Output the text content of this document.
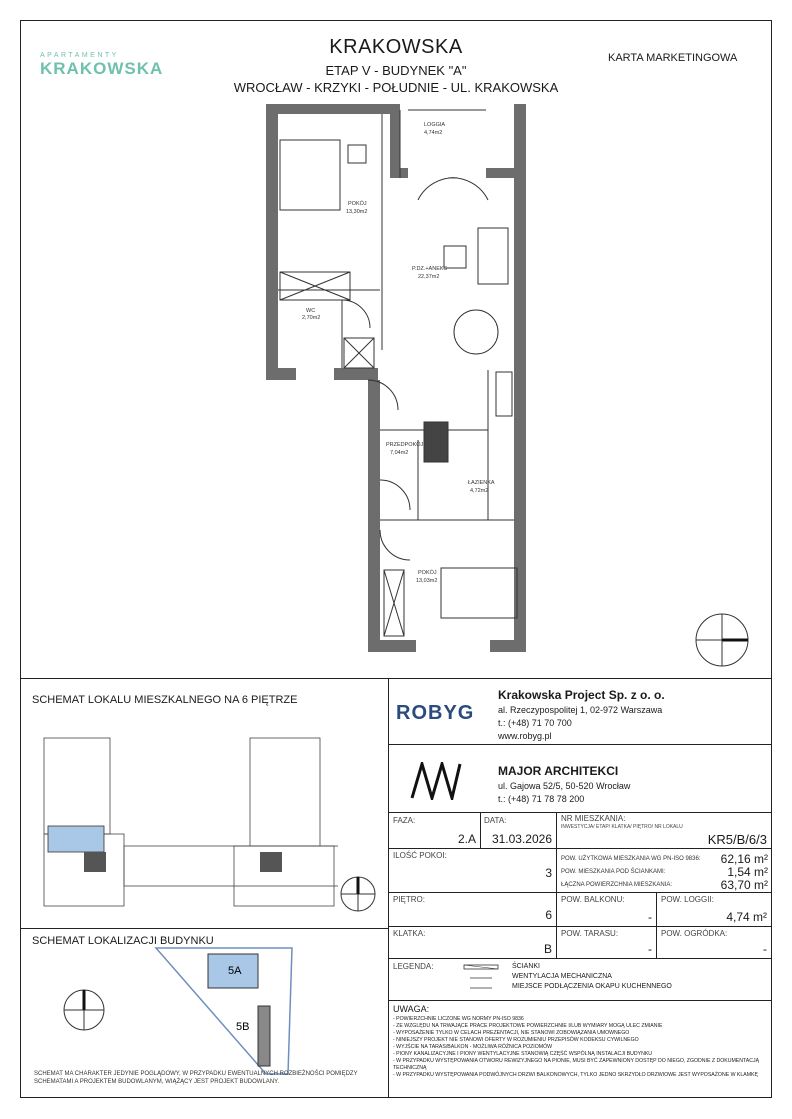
APARTAMENTY
KRAKOWSKA
KRAKOWSKA
ETAP V - BUDYNEK "A"
WROCŁAW - KRZYKI - POŁUDNIE - UL. KRAKOWSKA
KARTA MARKETINGOWA
LOGGIA
4,74m2
POKÓJ
13,30m2
P.DZ.+ANEKS
22,37m2
WC
2,70m2
PRZEDPOKÓJ
7,04m2
ŁAZIENKA
4,72m2
POKÓJ
13,03m2
SCHEMAT LOKALU MIESZKALNEGO NA 6 PIĘTRZE
SCHEMAT LOKALIZACJI BUDYNKU
5A
5B
SCHEMAT MA CHARAKTER JEDYNIE POGLĄDOWY, W PRZYPADKU EWENTUALNYCH ROZBIEŻNOŚCI POMIĘDZY SCHEMATAMI A PROJEKTEM BUDOWLANYM, WIĄŻĄCY JEST PROJEKT BUDOWLANY.
ROBYG
Krakowska Project Sp. z o. o.
al. Rzeczypospolitej 1, 02-972 Warszawa
t.: (+48) 71 70 700
www.robyg.pl
MAJOR ARCHITEKCI
ul. Gajowa 52/5, 50-520 Wrocław
t.: (+48) 71 78 78 200
FAZA:
2.A
DATA:
31.03.2026
NR MIESZKANIA:
INWESTYCJA/ ETAP/ KLATKA/ PIĘTRO/ NR LOKALU
KR5/B/6/3
ILOŚĆ POKOI:
3
POW. UŻYTKOWA MIESZKANIA WG PN-ISO 9836:	62,16 m²
POW. MIESZKANIA POD ŚCIANKAMI:	1,54 m²
ŁĄCZNA POWIERZCHNIA MIESZKANIA:	63,70 m²
PIĘTRO:
6
POW. BALKONU:
-
POW. LOGGII:
4,74 m²
KLATKA:
B
POW. TARASU:
-
POW. OGRÓDKA:
-
LEGENDA:	ŚCIANKI
WENTYLACJA MECHANICZNA
MIEJSCE PODŁĄCZENIA OKAPU KUCHENNEGO
UWAGA:
- POWIERZCHNIE LICZONE WG NORMY PN-ISO 9836
- ZE WZGLĘDU NA TRWAJĄCE PRACE PROJEKTOWE POWIERZCHNIE I/LUB WYMIARY MOGĄ ULEC ZMIANIE
- WYPOSAŻENIE TYLKO W CELACH PREZENTACJI, NIE STANOWI ZOBOWIĄZANIA UMOWNEGO
- NINIEJSZY PROJEKT NIE STANOWI OFERTY W ROZUMIENIU PRZEPISÓW KODEKSU CYWILNEGO
- WYJŚCIE NA TARAS/BALKON - MOŻLIWA RÓŻNICA POZIOMÓW
- PIONY KANALIZACYJNE I PIONY WENTYLACYJNE STANOWIĄ CZĘŚĆ WSPÓLNĄ INSTALACJI BUDYNKU
- W PRZYPADKU WYSTĘPOWANIA OTWORU REWIZYJNEGO NA PIONIE, MUSI BYĆ ZAPEWNIONY DOSTĘP DO NIEGO, ZGODNIE Z DOKUMENTACJĄ TECHNICZNĄ
- W PRZYPADKU WYSTĘPOWANIA PODWÓJNYCH DRZWI BALKONOWYCH, TYLKO JEDNO SKRZYDŁO DRZWIOWE JEST WYPOSAŻONE W KLAMKĘ
